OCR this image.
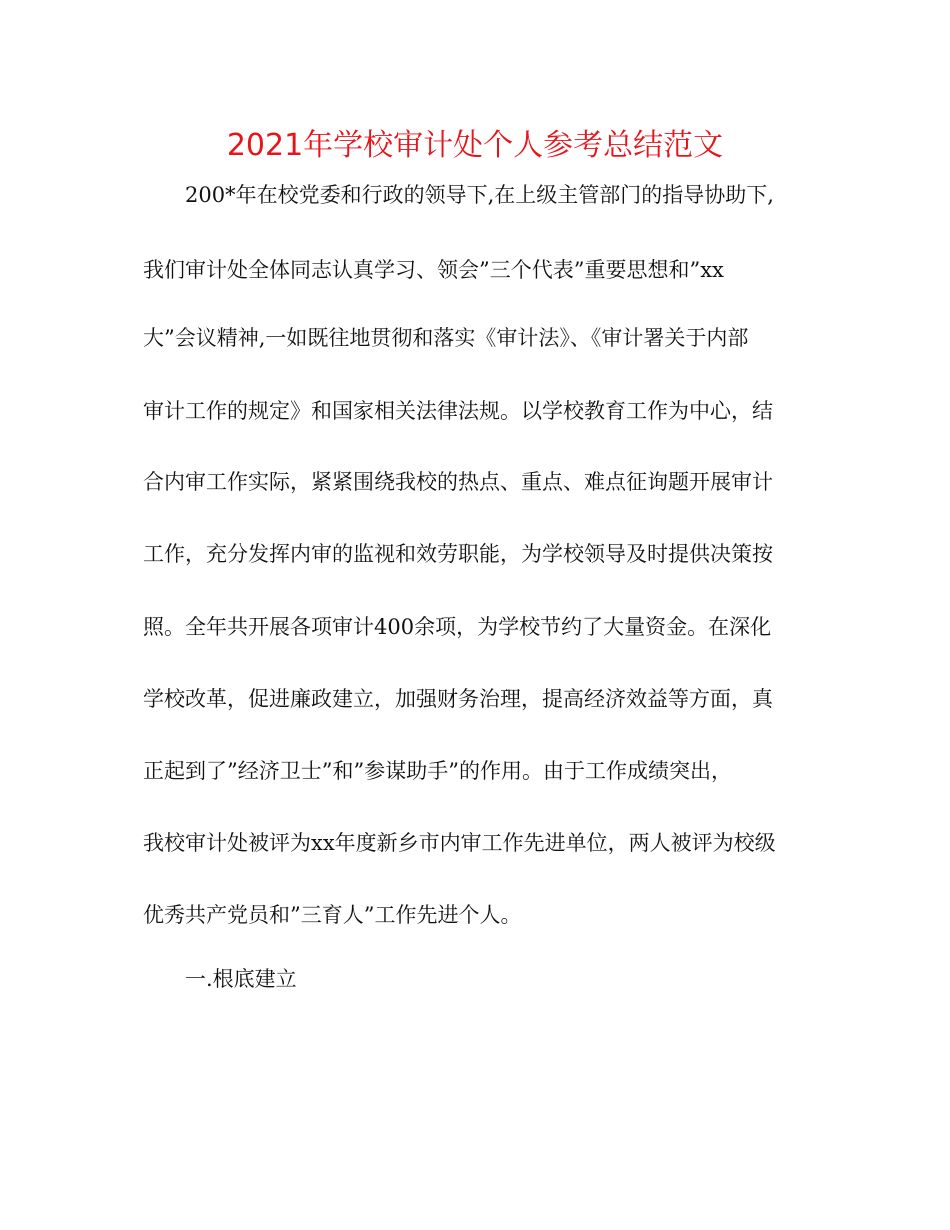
2021年学校审计处个人参考总结范文
200*年在校党委和行政的领导下,在上级主管部门的指导协助下,
我们审计处全体同志认真学习、领会”三个代表”重要思想和”xx
大”会议精神,一如既往地贯彻和落实《审计法》、《审计署关于内部
审计工作的规定》和国家相关法律法规。以学校教育工作为中心，结
合内审工作实际，紧紧围绕我校的热点、重点、难点征询题开展审计
工作，充分发挥内审的监视和效劳职能，为学校领导及时提供决策按
照。全年共开展各项审计400余项，为学校节约了大量资金。在深化
学校改革，促进廉政建立，加强财务治理，提高经济效益等方面，真
正起到了”经济卫士”和”参谋助手”的作用。由于工作成绩突出，
我校审计处被评为xx年度新乡市内审工作先进单位，两人被评为校级
优秀共产党员和”三育人”工作先进个人。
一.根底建立
